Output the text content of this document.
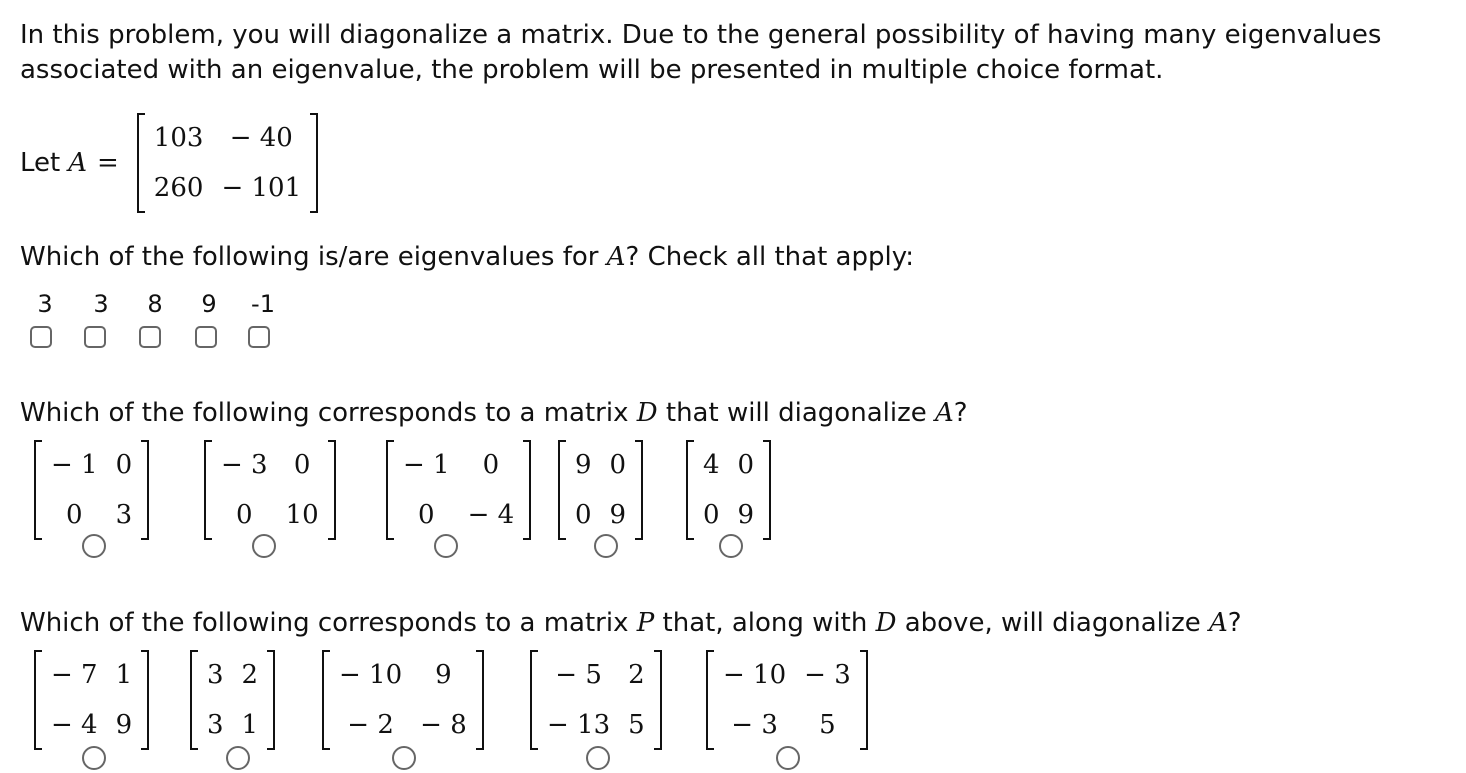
In this problem, you will diagonalize a matrix. Due to the general possibility of having many eigenvalues
associated with an eigenvalue, the problem will be presented in multiple choice format.
Let A =
103	− 40
260	− 101
Which of the following is/are eigenvalues for A? Check all that apply:
3	3	8	9	-1
Which of the following corresponds to a matrix D that will diagonalize A?
− 1	0
0	3
− 3	0
0	10
− 1	0
0	− 4
9	0
0	9
4	0
0	9
Which of the following corresponds to a matrix P that, along with D above, will diagonalize A?
− 7	1
− 4	9
3	2
3	1
− 10	9
− 2	− 8
− 5	2
− 13	5
− 10	− 3
− 3	5
